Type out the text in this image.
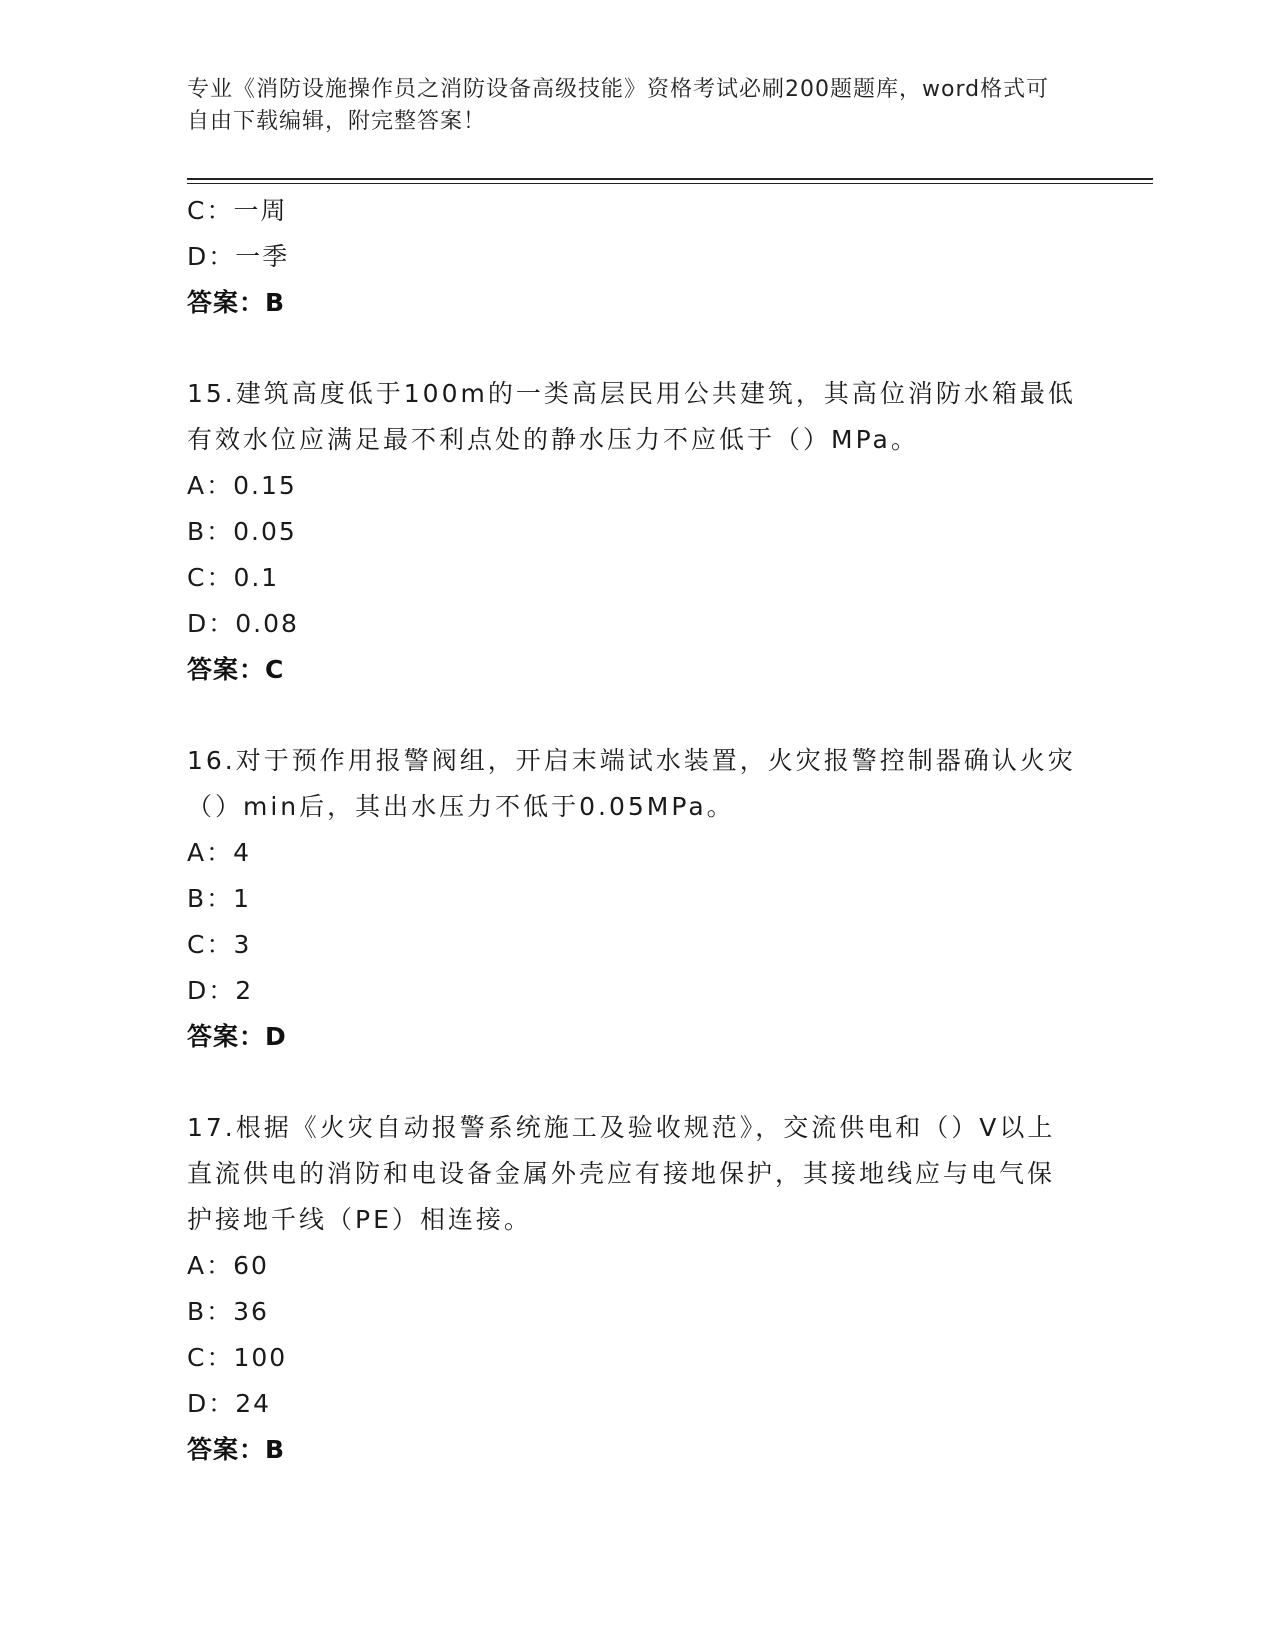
专业《消防设施操作员之消防设备高级技能》资格考试必刷200题题库，word格式可自由下载编辑，附完整答案！
C：一周
D：一季
答案：B
15.建筑高度低于100m的一类高层民用公共建筑，其高位消防水箱最低有效水位应满足最不利点处的静水压力不应低于（）MPa。
A：0.15
B：0.05
C：0.1
D：0.08
答案：C
16.对于预作用报警阀组，开启末端试水装置，火灾报警控制器确认火灾（）min后，其出水压力不低于0.05MPa。
A：4
B：1
C：3
D：2
答案：D
17.根据《火灾自动报警系统施工及验收规范》，交流供电和（）V以上直流供电的消防和电设备金属外壳应有接地保护，其接地线应与电气保护接地千线（PE）相连接。
A：60
B：36
C：100
D：24
答案：B
